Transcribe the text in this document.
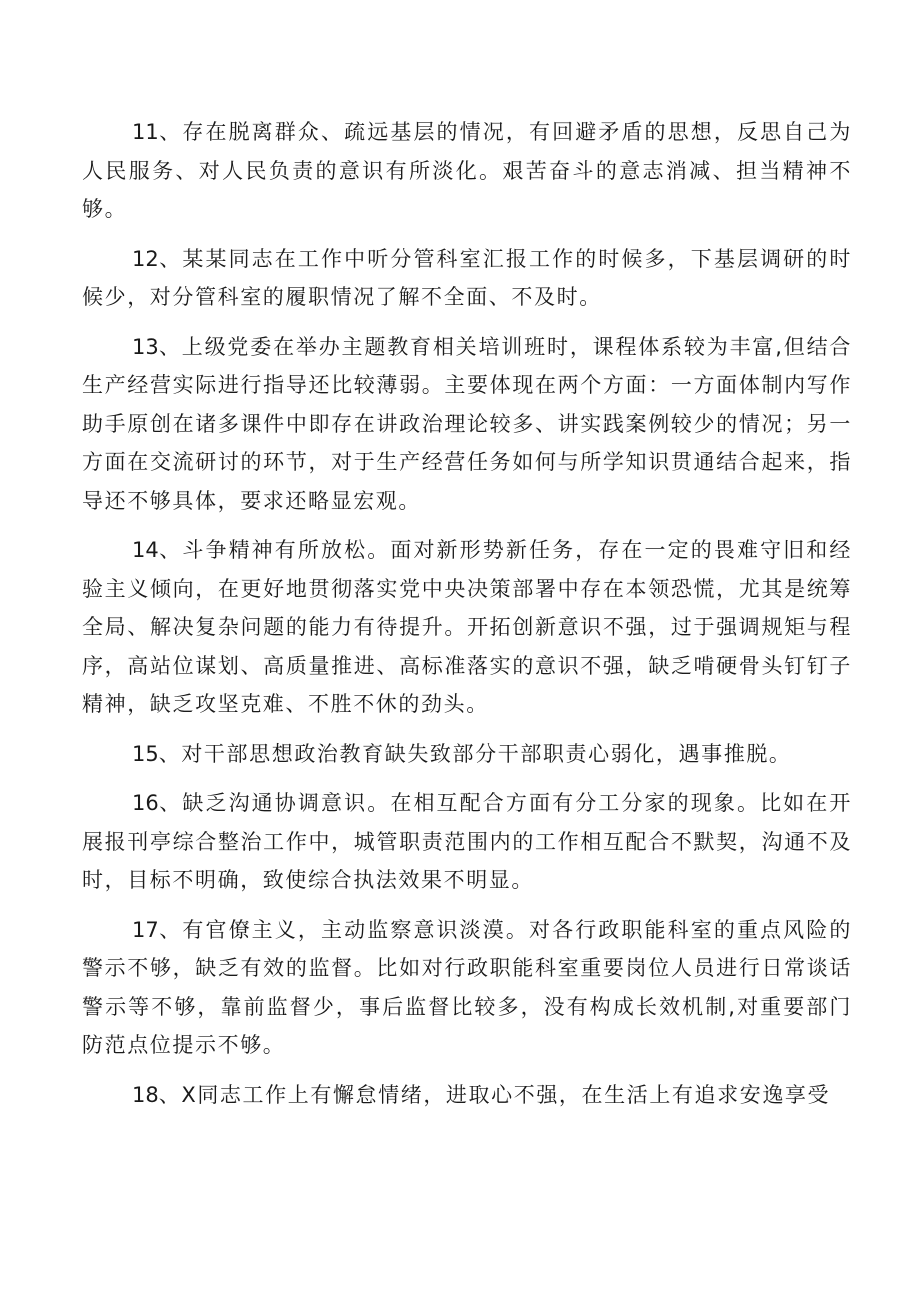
11、存在脱离群众、疏远基层的情况，有回避矛盾的思想，反思自己为人民服务、对人民负责的意识有所淡化。艰苦奋斗的意志消减、担当精神不够。

12、某某同志在工作中听分管科室汇报工作的时候多，下基层调研的时候少，对分管科室的履职情况了解不全面、不及时。

13、上级党委在举办主题教育相关培训班时，课程体系较为丰富,但结合生产经营实际进行指导还比较薄弱。主要体现在两个方面：一方面体制内写作助手原创在诸多课件中即存在讲政治理论较多、讲实践案例较少的情况；另一方面在交流研讨的环节，对于生产经营任务如何与所学知识贯通结合起来，指导还不够具体，要求还略显宏观。

14、斗争精神有所放松。面对新形势新任务，存在一定的畏难守旧和经验主义倾向，在更好地贯彻落实党中央决策部署中存在本领恐慌，尤其是统筹全局、解决复杂问题的能力有待提升。开拓创新意识不强，过于强调规矩与程序，高站位谋划、高质量推进、高标准落实的意识不强，缺乏啃硬骨头钉钉子精神，缺乏攻坚克难、不胜不休的劲头。

15、对干部思想政治教育缺失致部分干部职责心弱化，遇事推脱。

16、缺乏沟通协调意识。在相互配合方面有分工分家的现象。比如在开展报刊亭综合整治工作中，城管职责范围内的工作相互配合不默契，沟通不及时，目标不明确，致使综合执法效果不明显。

17、有官僚主义，主动监察意识淡漠。对各行政职能科室的重点风险的警示不够，缺乏有效的监督。比如对行政职能科室重要岗位人员进行日常谈话警示等不够，靠前监督少，事后监督比较多，没有构成长效机制,对重要部门防范点位提示不够。

18、X同志工作上有懈怠情绪，进取心不强，在生活上有追求安逸享受
